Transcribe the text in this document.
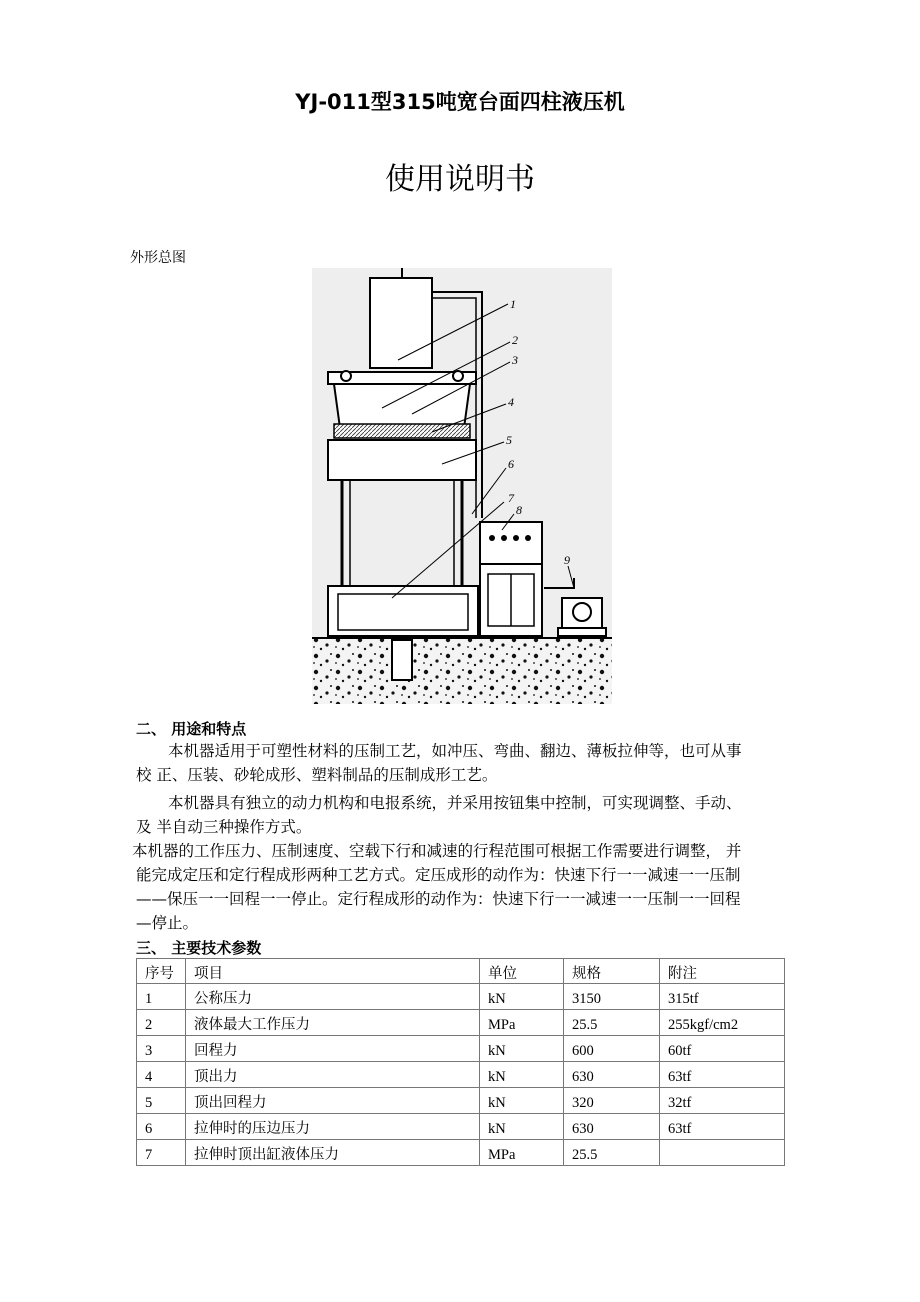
YJ-011型315吨宽台面四柱液压机
使用说明书
外形总图
1
2
3
4
5
6
7
8
9
二、 用途和特点
本机器适用于可塑性材料的压制工艺，如冲压、弯曲、翻边、薄板拉伸等，也可从事
校 正、压装、砂轮成形、塑料制品的压制成形工艺。
本机器具有独立的动力机构和电报系统，并采用按钮集中控制，可实现调整、手动、
及 半自动三种操作方式。
本机器的工作压力、压制速度、空载下行和减速的行程范围可根据工作需要进行调整， 并
能完成定压和定行程成形两种工艺方式。定压成形的动作为：快速下行一一减速一一压制
——保压一一回程一一停止。定行程成形的动作为：快速下行一一减速一一压制一一回程
—停止。
三、 主要技术参数
序号	项目	单位	规格	附注
1	公称压力	kN	3150	315tf
2	液体最大工作压力	MPa	25.5	255kgf/cm2
3	回程力	kN	600	60tf
4	顶出力	kN	630	63tf
5	顶出回程力	kN	320	32tf
6	拉伸时的压边压力	kN	630	63tf
7	拉伸时顶出缸液体压力	MPa	25.5	
